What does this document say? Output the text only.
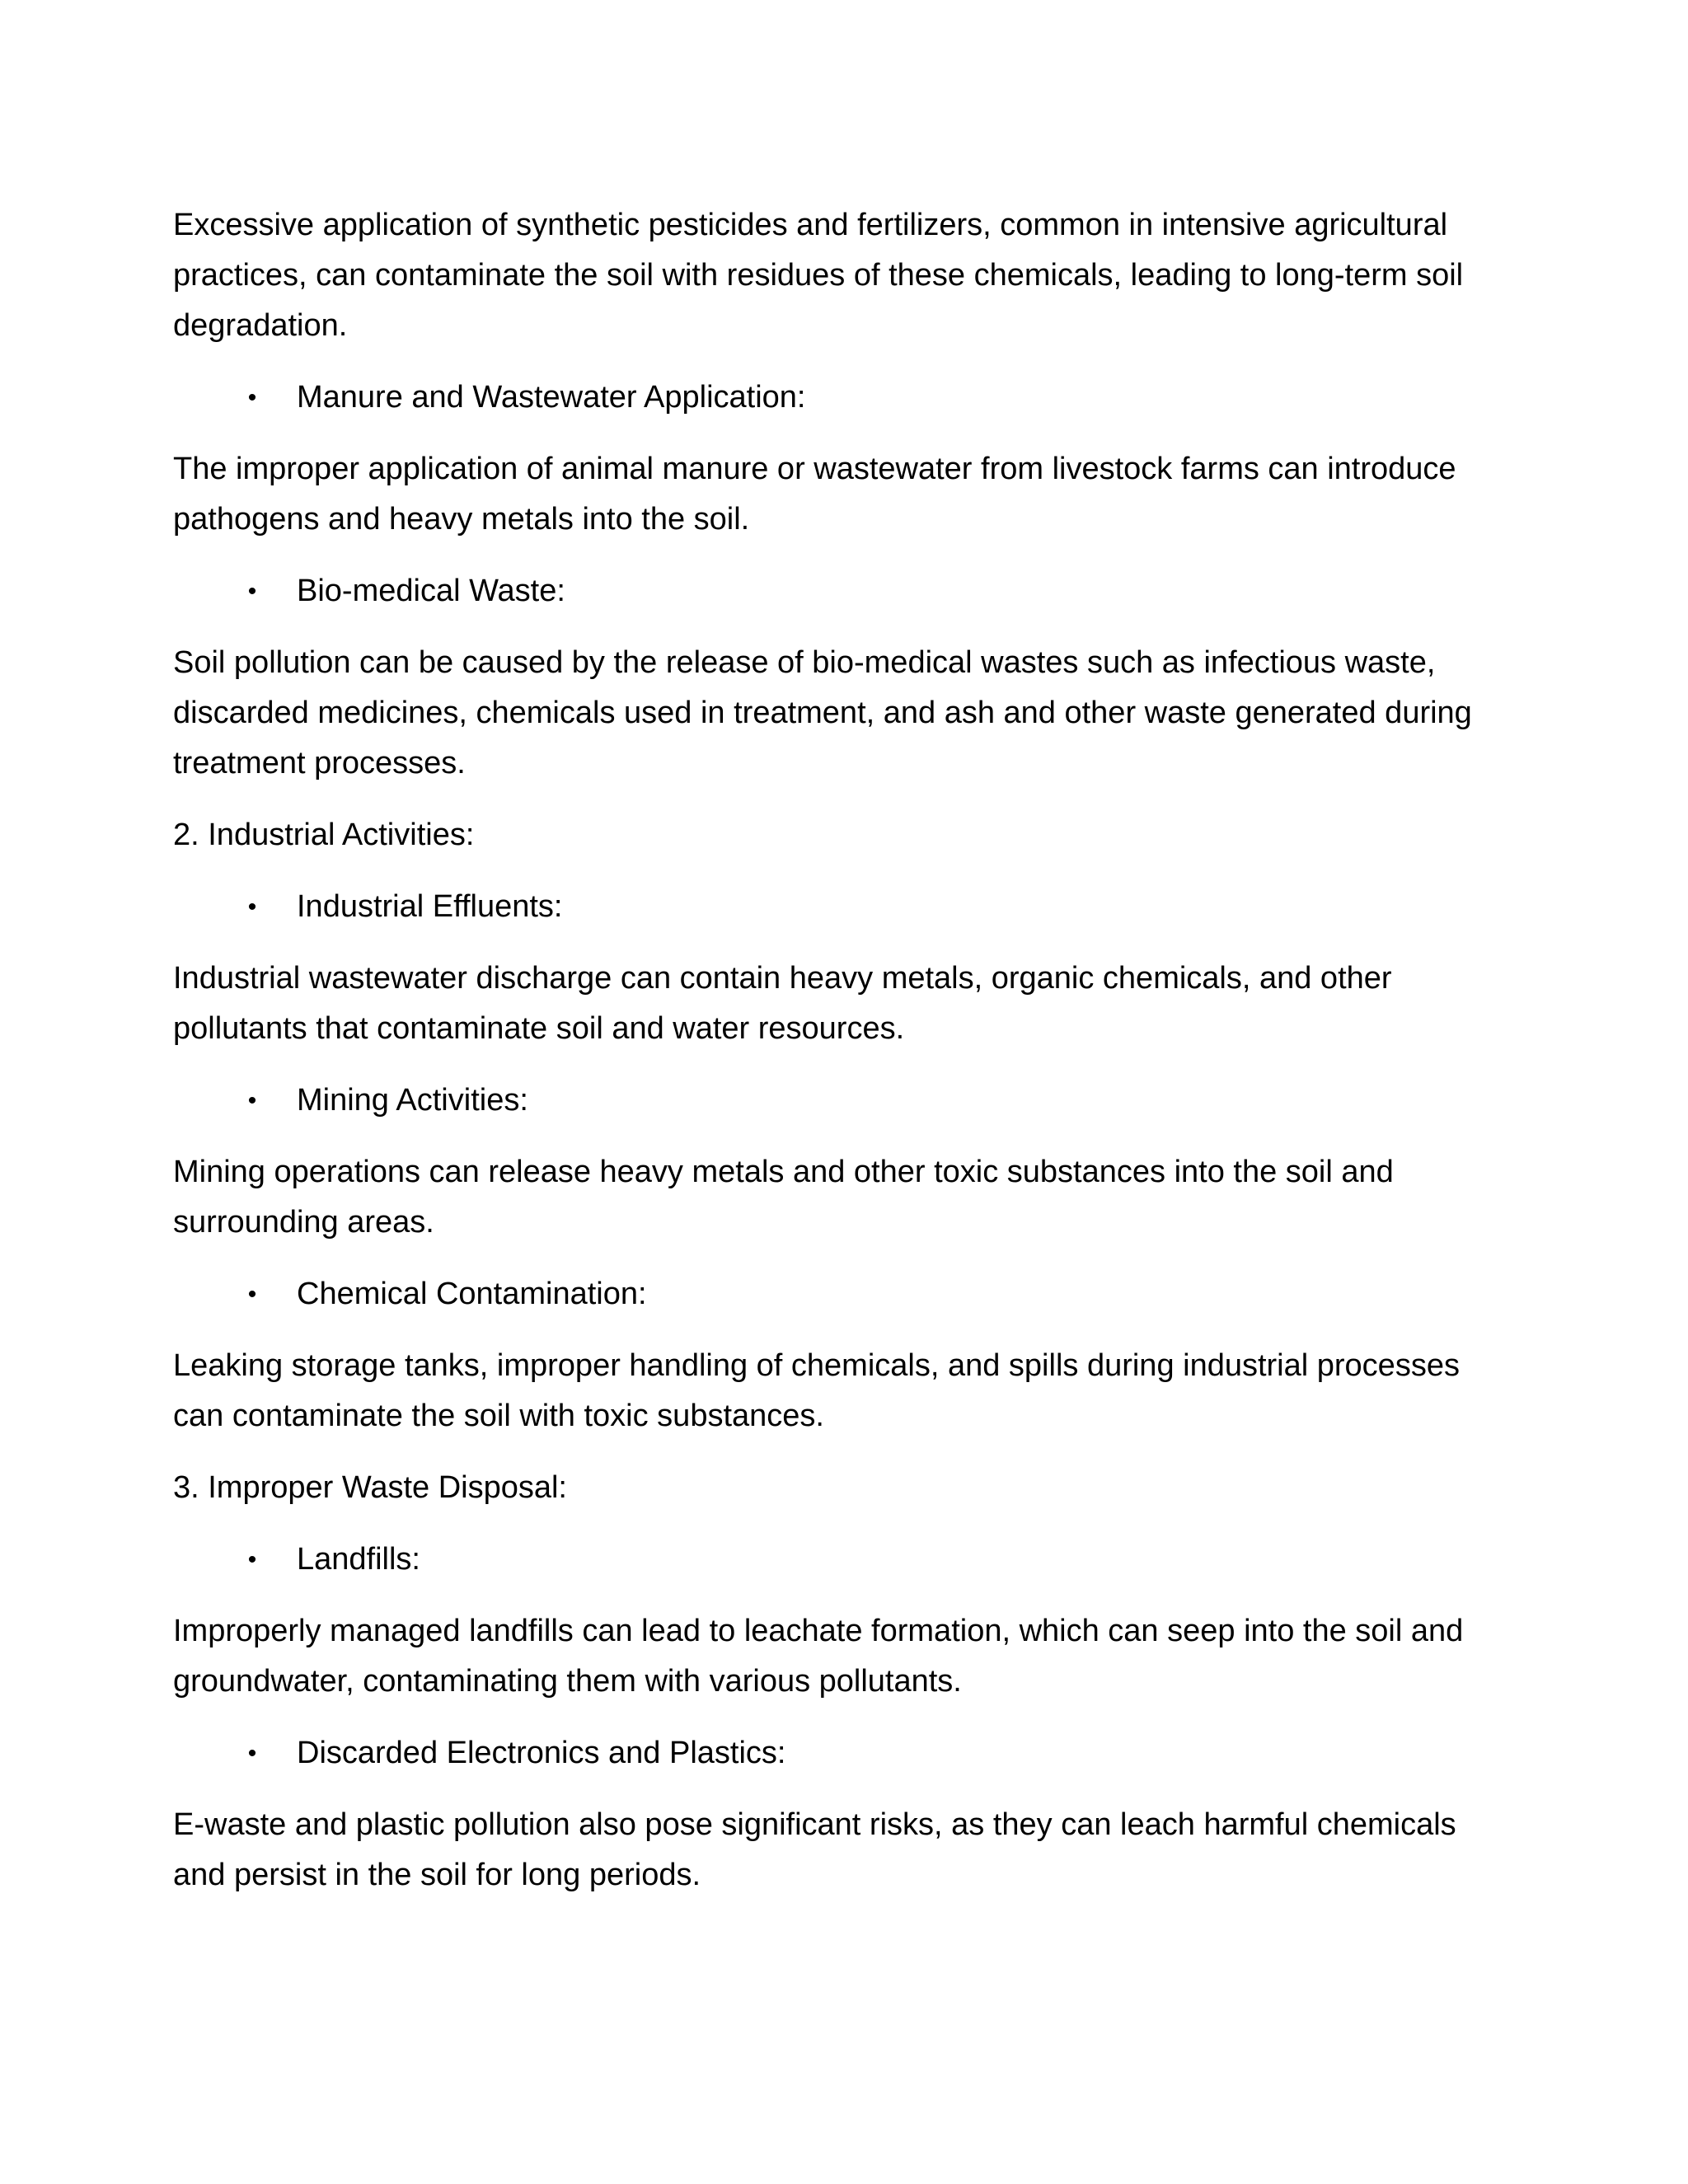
Excessive application of synthetic pesticides and fertilizers, common in intensive agricultural practices, can contaminate the soil with residues of these chemicals, leading to long-term soil degradation.

• Manure and Wastewater Application:

The improper application of animal manure or wastewater from livestock farms can introduce pathogens and heavy metals into the soil.

• Bio-medical Waste:

Soil pollution can be caused by the release of bio-medical wastes such as infectious waste, discarded medicines, chemicals used in treatment, and ash and other waste generated during treatment processes.

2. Industrial Activities:

• Industrial Effluents:

Industrial wastewater discharge can contain heavy metals, organic chemicals, and other pollutants that contaminate soil and water resources.

• Mining Activities:

Mining operations can release heavy metals and other toxic substances into the soil and surrounding areas.

• Chemical Contamination:

Leaking storage tanks, improper handling of chemicals, and spills during industrial processes can contaminate the soil with toxic substances.

3. Improper Waste Disposal:

• Landfills:

Improperly managed landfills can lead to leachate formation, which can seep into the soil and groundwater, contaminating them with various pollutants.

• Discarded Electronics and Plastics:

E-waste and plastic pollution also pose significant risks, as they can leach harmful chemicals and persist in the soil for long periods.
